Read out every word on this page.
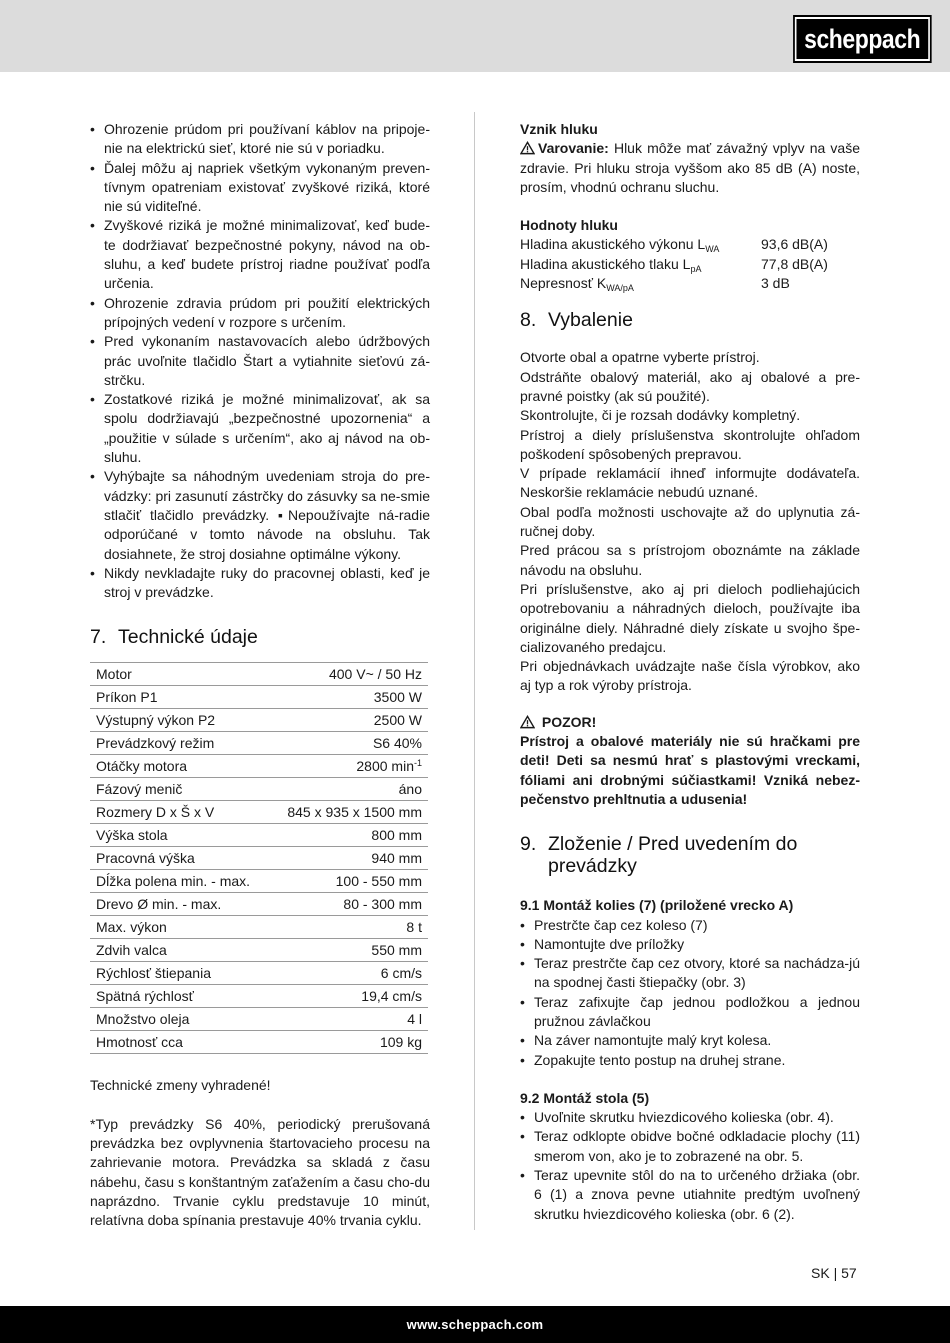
scheppach
• Ohrozenie prúdom pri používaní káblov na pripoje-nie na elektrickú sieť, ktoré nie sú v poriadku.
• Ďalej môžu aj napriek všetkým vykonaným preven-tívnym opatreniam existovať zvyškové riziká, ktoré nie sú viditeľné.
• Zvyškové riziká je možné minimalizovať, keď bude-te dodržiavať bezpečnostné pokyny, návod na ob-sluhu, a keď budete prístroj riadne používať podľa určenia.
• Ohrozenie zdravia prúdom pri použití elektrických prípojných vedení v rozpore s určením.
• Pred vykonaním nastavovacích alebo údržbových prác uvoľnite tlačidlo Štart a vytiahnite sieťovú zá-strčku.
• Zostatkové riziká je možné minimalizovať, ak sa spolu dodržiavajú „bezpečnostné upozornenia“ a „použitie v súlade s určením“, ako aj návod na ob-sluhu.
• Vyhýbajte sa náhodným uvedeniam stroja do pre-vádzky: pri zasunutí zástrčky do zásuvky sa ne-smie stlačiť tlačidlo prevádzky. ▪Nepoužívajte ná-radie odporúčané v tomto návode na obsluhu. Tak dosiahnete, že stroj dosiahne optimálne výkony.
• Nikdy nevkladajte ruky do pracovnej oblasti, keď je stroj v prevádzke.
7. Technické údaje
Motor	400 V~ / 50 Hz
Príkon P1	3500 W
Výstupný výkon P2	2500 W
Prevádzkový režim	S6 40%
Otáčky motora	2800 $\min^{-1}$
Fázový menič	áno
Rozmery D x Š x V	845 x 935 x 1500 mm
Výška stola	800 mm
Pracovná výška	940 mm
Dĺžka polena min. - max.	100 - 550 mm
Drevo Ø min. - max.	80 - 300 mm
Max. výkon	8 t
Zdvih valca	550 mm
Rýchlosť štiepania	6 cm/s
Spätná rýchlosť	19,4 cm/s
Množstvo oleja	4 l
Hmotnosť cca	109 kg

Technické zmeny vyhradené!

*Typ prevádzky S6 40%, periodický prerušovaná prevádzka bez ovplyvnenia štartovacieho procesu na zahrievanie motora. Prevádzka sa skladá z času nábehu, času s konštantným zaťažením a času cho-du naprázdno. Trvanie cyklu predstavuje 10 minút, relatívna doba spínania prestavuje 40% trvania cyklu.

Vznik hluku

Varovanie: Hluk môže mať závažný vplyv na vaše zdravie. Pri hluku stroja vyššom ako 85 dB (A) noste, prosím, vhodnú ochranu sluchu.

Hodnoty hluku
Hladina akustického výkonu $L_{WA}$	93,6 dB(A)
Hladina akustického tlaku $L_{pA}$	77,8 dB(A)
Nepresnosť $K_{WA/pA}$	3 dB
8. Vybalenie

Otvorte obal a opatrne vyberte prístroj.

Odstráňte obalový materiál, ako aj obalové a pre-pravné poistky (ak sú použité).

Skontrolujte, či je rozsah dodávky kompletný.

Prístroj a diely príslušenstva skontrolujte ohľadom poškodení spôsobených prepravou.

V prípade reklamácií ihneď informujte dodávateľa. Neskoršie reklamácie nebudú uznané.

Obal podľa možnosti uschovajte až do uplynutia zá-ručnej doby.

Pred prácou sa s prístrojom oboznámte na základe návodu na obsluhu.

Pri príslušenstve, ako aj pri dieloch podliehajúcich opotrebovaniu a náhradných dieloch, používajte iba originálne diely. Náhradné diely získate u svojho špe-cializovaného predajcu.

Pri objednávkach uvádzajte naše čísla výrobkov, ako aj typ a rok výroby prístroja.

POZOR!

Prístroj a obalové materiály nie sú hračkami pre deti! Deti sa nesmú hrať s plastovými vreckami, fóliami ani drobnými súčiastkami! Vzniká nebez-pečenstvo prehltnutia a udusenia!

9. Zloženie / Pred uvedením do
prevádzky
9.1 Montáž kolies (7) (priložené vrecko A)
• Prestrčte čap cez koleso (7)
• Namontujte dve príložky
• Teraz prestrčte čap cez otvory, ktoré sa nachádza-jú na spodnej časti štiepačky (obr. 3)
• Teraz zafixujte čap jednou podložkou a jednou pružnou závlačkou
• Na záver namontujte malý kryt kolesa.
• Zopakujte tento postup na druhej strane.
9.2 Montáž stola (5)
• Uvoľnite skrutku hviezdicového kolieska (obr. 4).
• Teraz odklopte obidve bočné odkladacie plochy (11) smerom von, ako je to zobrazené na obr. 5.
• Teraz upevnite stôl do na to určeného držiaka (obr. 6 (1) a znova pevne utiahnite predtým uvoľnený skrutku hviezdicového kolieska (obr. 6 (2).
SK | 57
www.scheppach.com
